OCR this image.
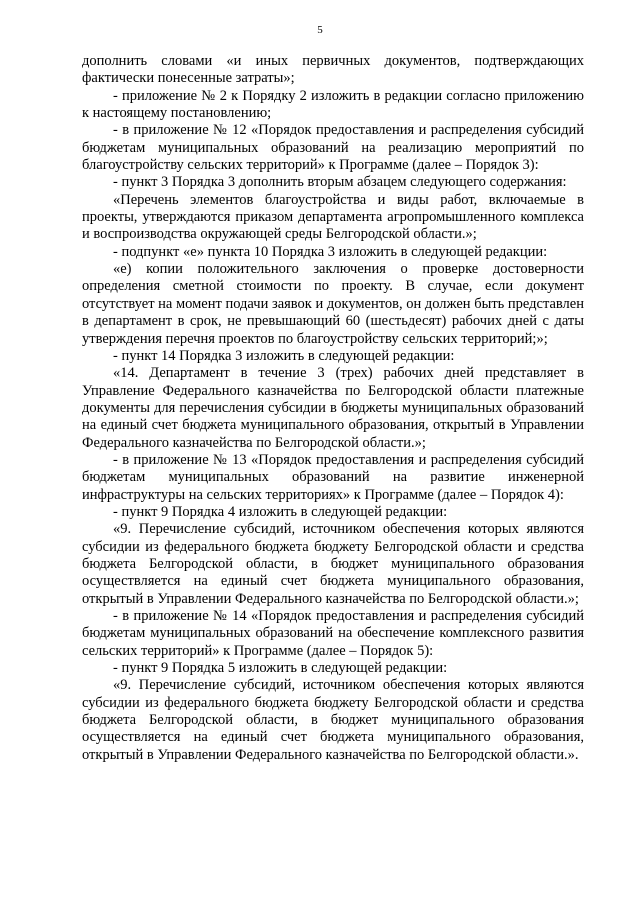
5

дополнить словами «и иных первичных документов, подтверждающих фактически понесенные затраты»;

- приложение № 2 к Порядку 2 изложить в редакции согласно приложению к настоящему постановлению;

- в приложение № 12 «Порядок предоставления и распределения субсидий бюджетам муниципальных образований на реализацию мероприятий по благоустройству сельских территорий» к Программе (далее – Порядок 3):

- пункт 3 Порядка 3 дополнить вторым абзацем следующего содержания:

«Перечень элементов благоустройства и виды работ, включаемые в проекты, утверждаются приказом департамента агропромышленного комплекса и воспроизводства окружающей среды Белгородской области.»;

- подпункт «е» пункта 10 Порядка 3 изложить в следующей редакции:

«е) копии положительного заключения о проверке достоверности определения сметной стоимости по проекту. В случае, если документ отсутствует на момент подачи заявок и документов, он должен быть представлен в департамент в срок, не превышающий 60 (шестьдесят) рабочих дней с даты утверждения перечня проектов по благоустройству сельских территорий;»;

- пункт 14 Порядка 3 изложить в следующей редакции:

«14. Департамент в течение 3 (трех) рабочих дней представляет в Управление Федерального казначейства по Белгородской области платежные документы для перечисления субсидии в бюджеты муниципальных образований на единый счет бюджета муниципального образования, открытый в Управлении Федерального казначейства по Белгородской области.»;

- в приложение № 13 «Порядок предоставления и распределения субсидий бюджетам муниципальных образований на развитие инженерной инфраструктуры на сельских территориях» к Программе (далее – Порядок 4):

- пункт 9 Порядка 4 изложить в следующей редакции:

«9. Перечисление субсидий, источником обеспечения которых являются субсидии из федерального бюджета бюджету Белгородской области и средства бюджета Белгородской области, в бюджет муниципального образования осуществляется на единый счет бюджета муниципального образования, открытый в Управлении Федерального казначейства по Белгородской области.»;

- в приложение № 14 «Порядок предоставления и распределения субсидий бюджетам муниципальных образований на обеспечение комплексного развития сельских территорий» к Программе (далее – Порядок 5):

- пункт 9 Порядка 5 изложить в следующей редакции:

«9. Перечисление субсидий, источником обеспечения которых являются субсидии из федерального бюджета бюджету Белгородской области и средства бюджета Белгородской области, в бюджет муниципального образования осуществляется на единый счет бюджета муниципального образования, открытый в Управлении Федерального казначейства по Белгородской области.».
